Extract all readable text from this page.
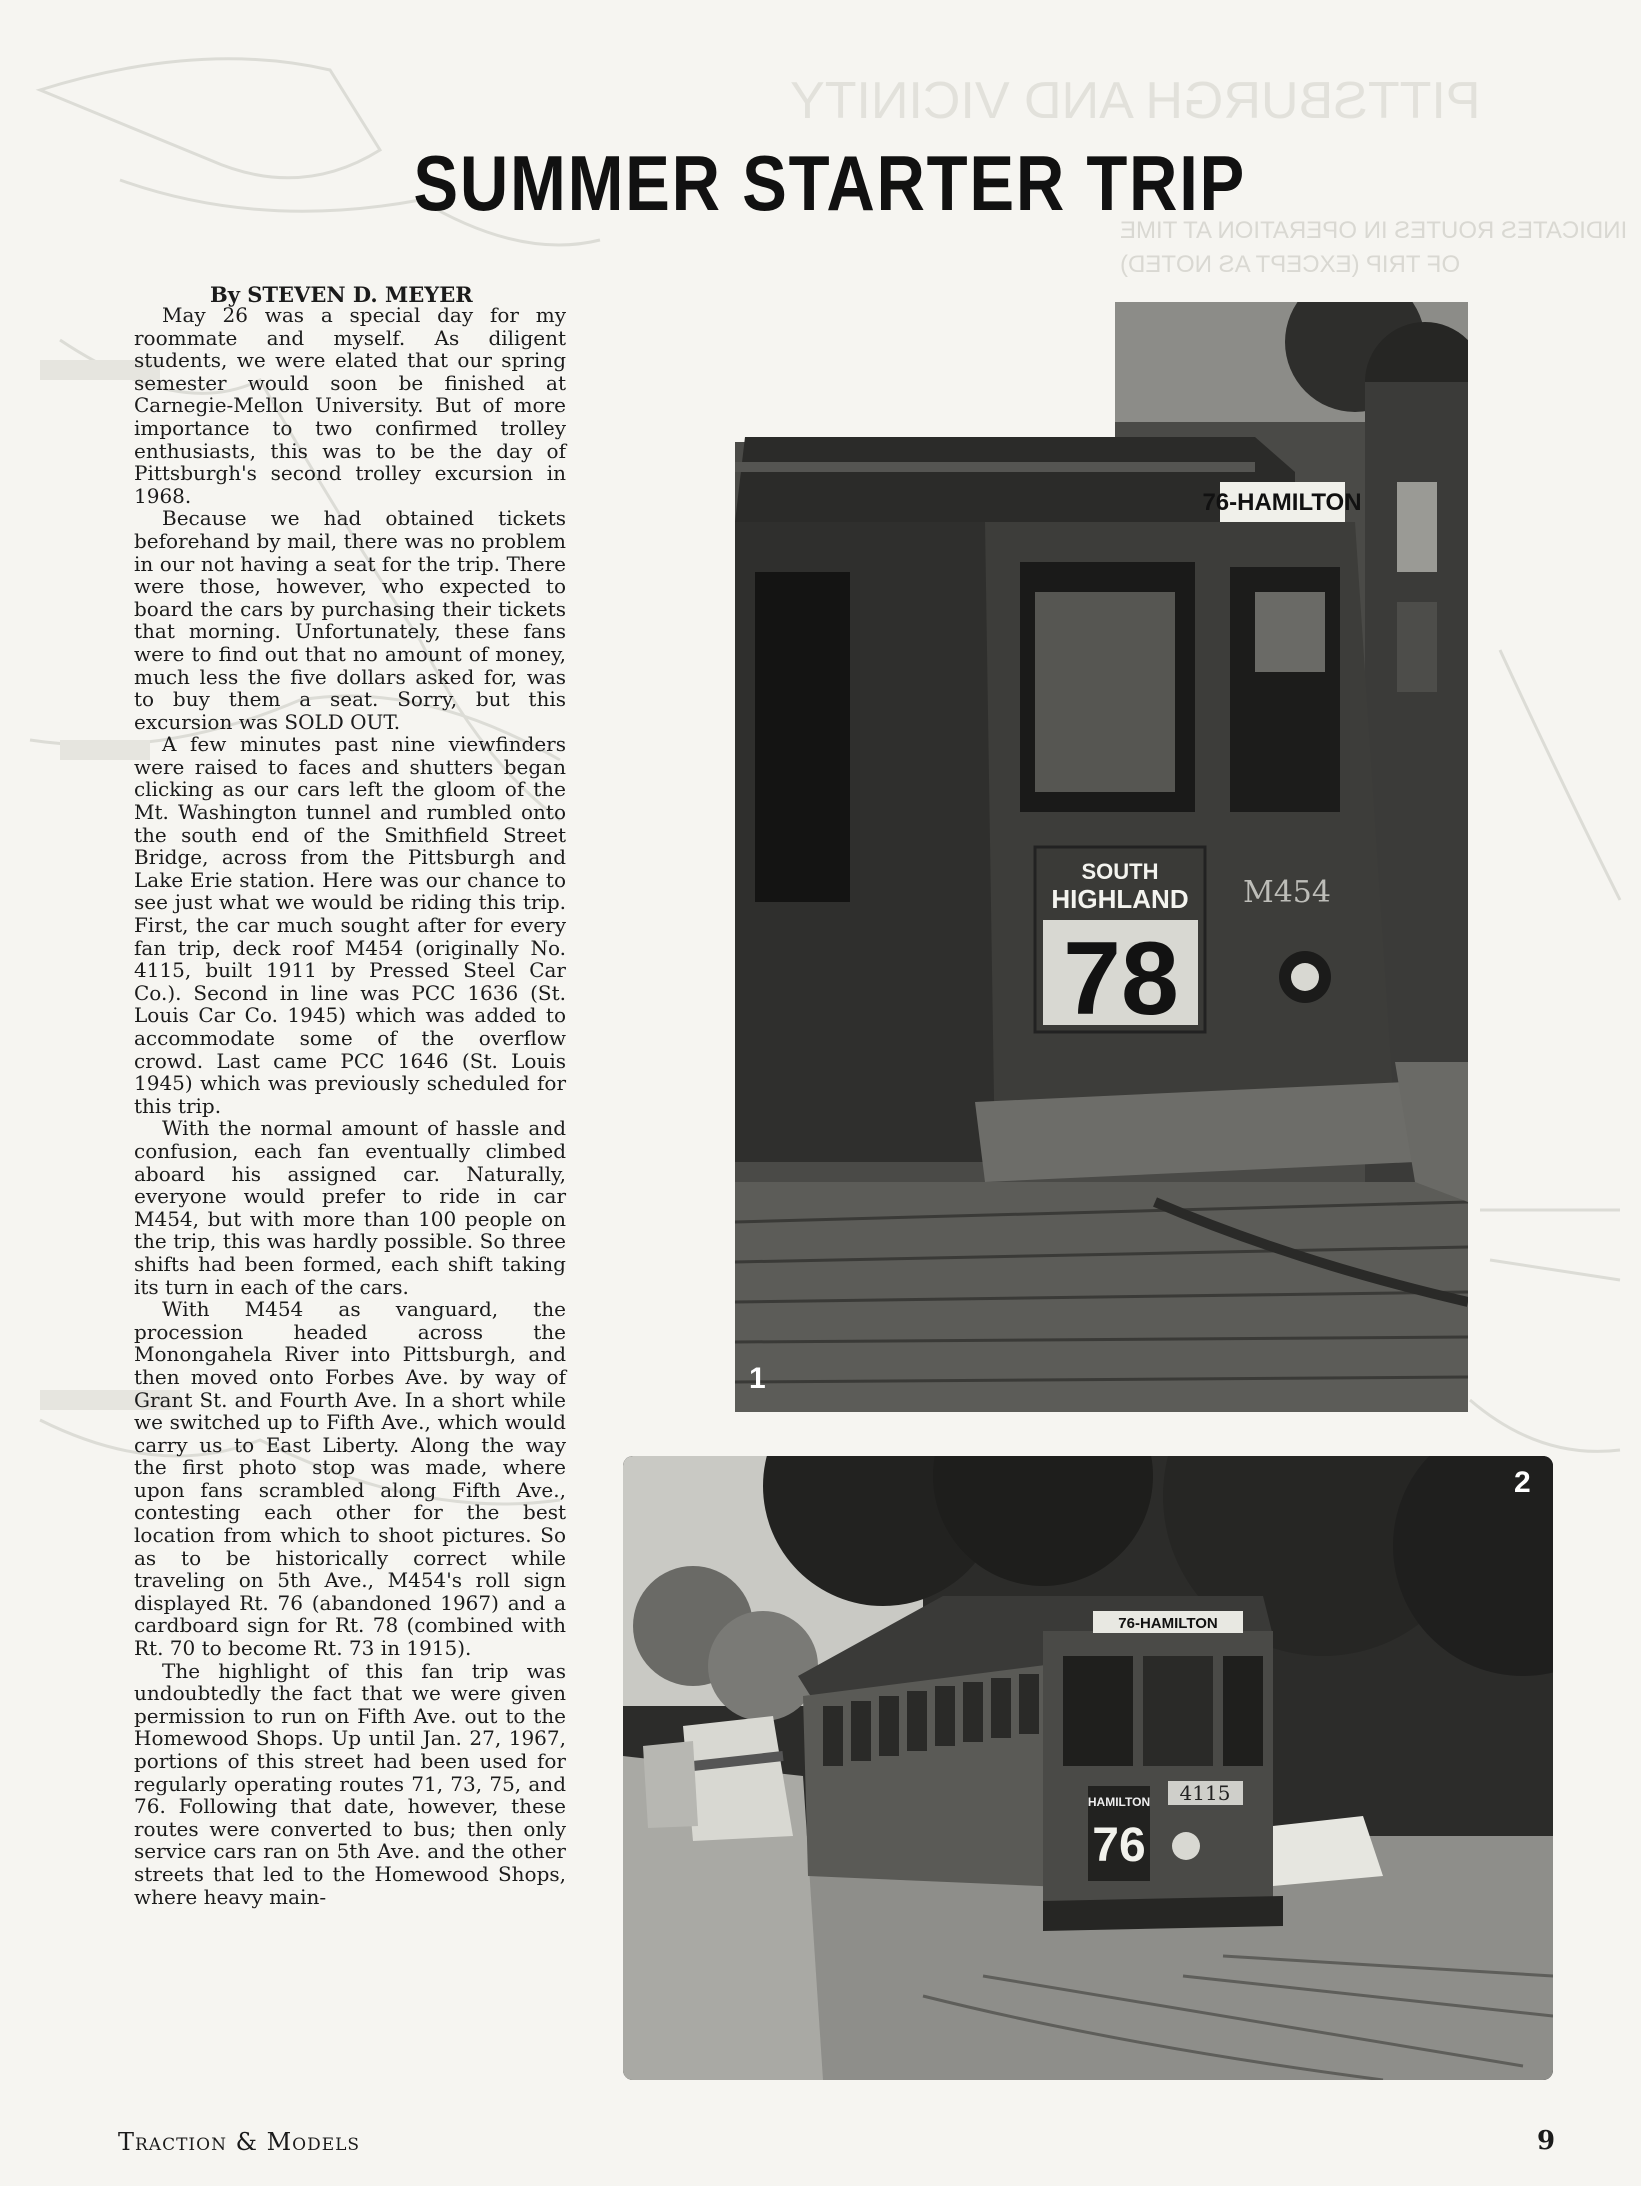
PITTSBURGH AND VICINITY
INDICATES ROUTES IN OPERATION AT TIME
OF TRIP (EXCEPT AS NOTED)
SUMMER STARTER TRIP
By STEVEN D. MEYER

May 26 was a special day for my roommate and myself. As diligent students, we were elated that our spring semester would soon be finished at Carnegie-Mellon University. But of more importance to two confirmed trolley enthusiasts, this was to be the day of Pittsburgh's second trolley excursion in 1968.

Because we had obtained tickets beforehand by mail, there was no problem in our not having a seat for the trip. There were those, however, who expected to board the cars by purchasing their tickets that morning. Unfortunately, these fans were to find out that no amount of money, much less the five dollars asked for, was to buy them a seat. Sorry, but this excursion was SOLD OUT.

A few minutes past nine viewfinders were raised to faces and shutters began clicking as our cars left the gloom of the Mt. Washington tunnel and rumbled onto the south end of the Smithfield Street Bridge, across from the Pittsburgh and Lake Erie station. Here was our chance to see just what we would be riding this trip. First, the car much sought after for every fan trip, deck roof M454 (originally No. 4115, built 1911 by Pressed Steel Car Co.). Second in line was PCC 1636 (St. Louis Car Co. 1945) which was added to accommodate some of the overflow crowd. Last came PCC 1646 (St. Louis 1945) which was previously scheduled for this trip.

With the normal amount of hassle and confusion, each fan eventually climbed aboard his assigned car. Naturally, everyone would prefer to ride in car M454, but with more than 100 people on the trip, this was hardly possible. So three shifts had been formed, each shift taking its turn in each of the cars.

With M454 as vanguard, the procession headed across the Monongahela River into Pittsburgh, and then moved onto Forbes Ave. by way of Grant St. and Fourth Ave. In a short while we switched up to Fifth Ave., which would carry us to East Liberty. Along the way the first photo stop was made, where upon fans scrambled along Fifth Ave., contesting each other for the best location from which to shoot pictures. So as to be historically correct while traveling on 5th Ave., M454's roll sign displayed Rt. 76 (abandoned 1967) and a cardboard sign for Rt. 78 (combined with Rt. 70 to become Rt. 73 in 1915).

The highlight of this fan trip was undoubtedly the fact that we were given permission to run on Fifth Ave. out to the Homewood Shops. Up until Jan. 27, 1967, portions of this street had been used for regularly operating routes 71, 73, 75, and 76. Following that date, however, these routes were converted to bus; then only service cars ran on 5th Ave. and the other streets that led to the Homewood Shops, where heavy main-

76-HAMILTON
SOUTH
HIGHLAND
78
M454
1
76-HAMILTON
HAMILTON
76
4115
2
Traction & Models	9
